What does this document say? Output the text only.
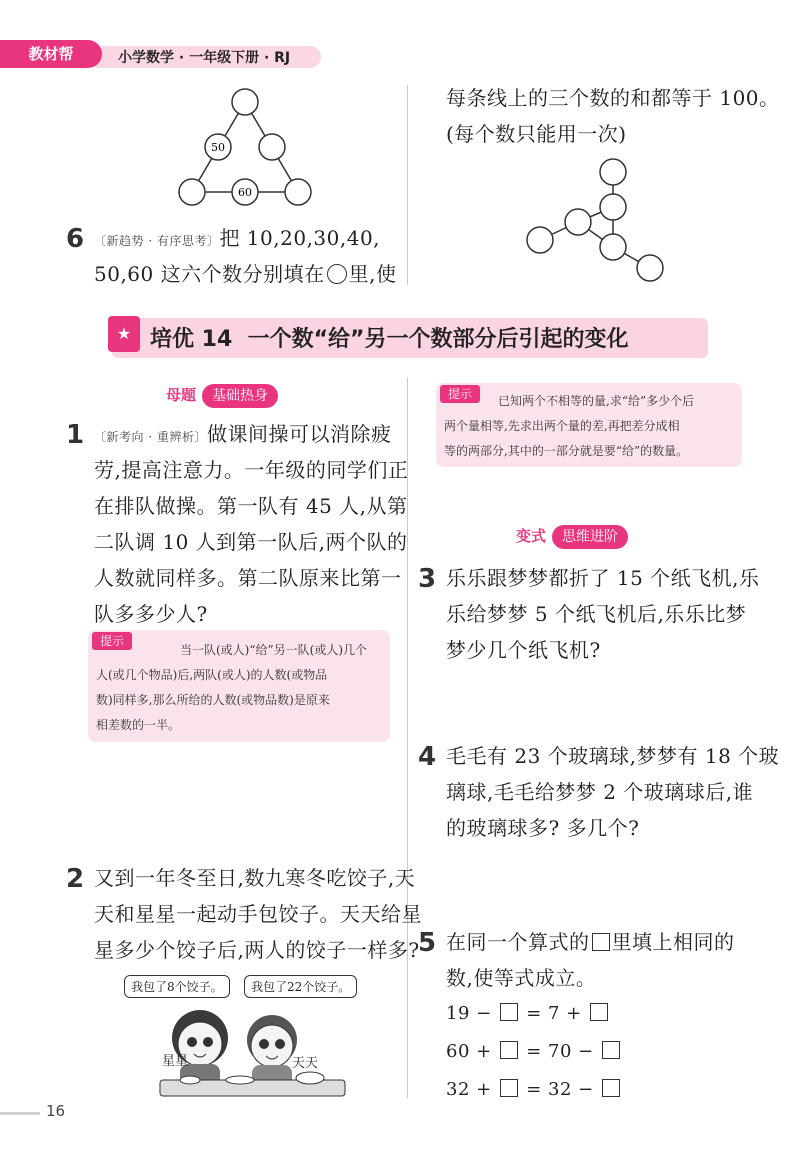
教材帮	小学数学 · 一年级下册 · RJ
50
60
6 〔新趋势 · 有序思考〕把 10,20,30,40,
50,60 这六个数分别填在 里,使
每条线上的三个数的和都等于 100。
(每个数只能用一次)
★ 培优 14  一个数“给”另一个数部分后引起的变化
母题 基础热身
1 〔新考向 · 重辨析〕做课间操可以消除疲
劳,提高注意力。一年级的同学们正
在排队做操。第一队有 45 人,从第
二队调 10 人到第一队后,两个队的
人数就同样多。第二队原来比第一
队多多少人?
提示
当一队(或人)“给”另一队(或人)几个
人(或几个物品)后,两队(或人)的人数(或物品
数)同样多,那么所给的人数(或物品数)是原来
相差数的一半。
提示	已知两个不相等的量,求“给”多少个后
两个量相等,先求出两个量的差,再把差分成相
等的两部分,其中的一部分就是要“给”的数量。
变式 思维进阶
3 乐乐跟梦梦都折了 15 个纸飞机,乐
乐给梦梦 5 个纸飞机后,乐乐比梦
梦少几个纸飞机?
4 毛毛有 23 个玻璃球,梦梦有 18 个玻
璃球,毛毛给梦梦 2 个玻璃球后,谁
的玻璃球多? 多几个?
2 又到一年冬至日,数九寒冬吃饺子,天
天和星星一起动手包饺子。天天给星
星多少个饺子后,两人的饺子一样多?
我包了8个饺子。	我包了22个饺子。
星星	天天
5 在同一个算式的 里填上相同的
数,使等式成立。
19 − = 7 +
60 + = 70 −
32 + = 32 −
16
